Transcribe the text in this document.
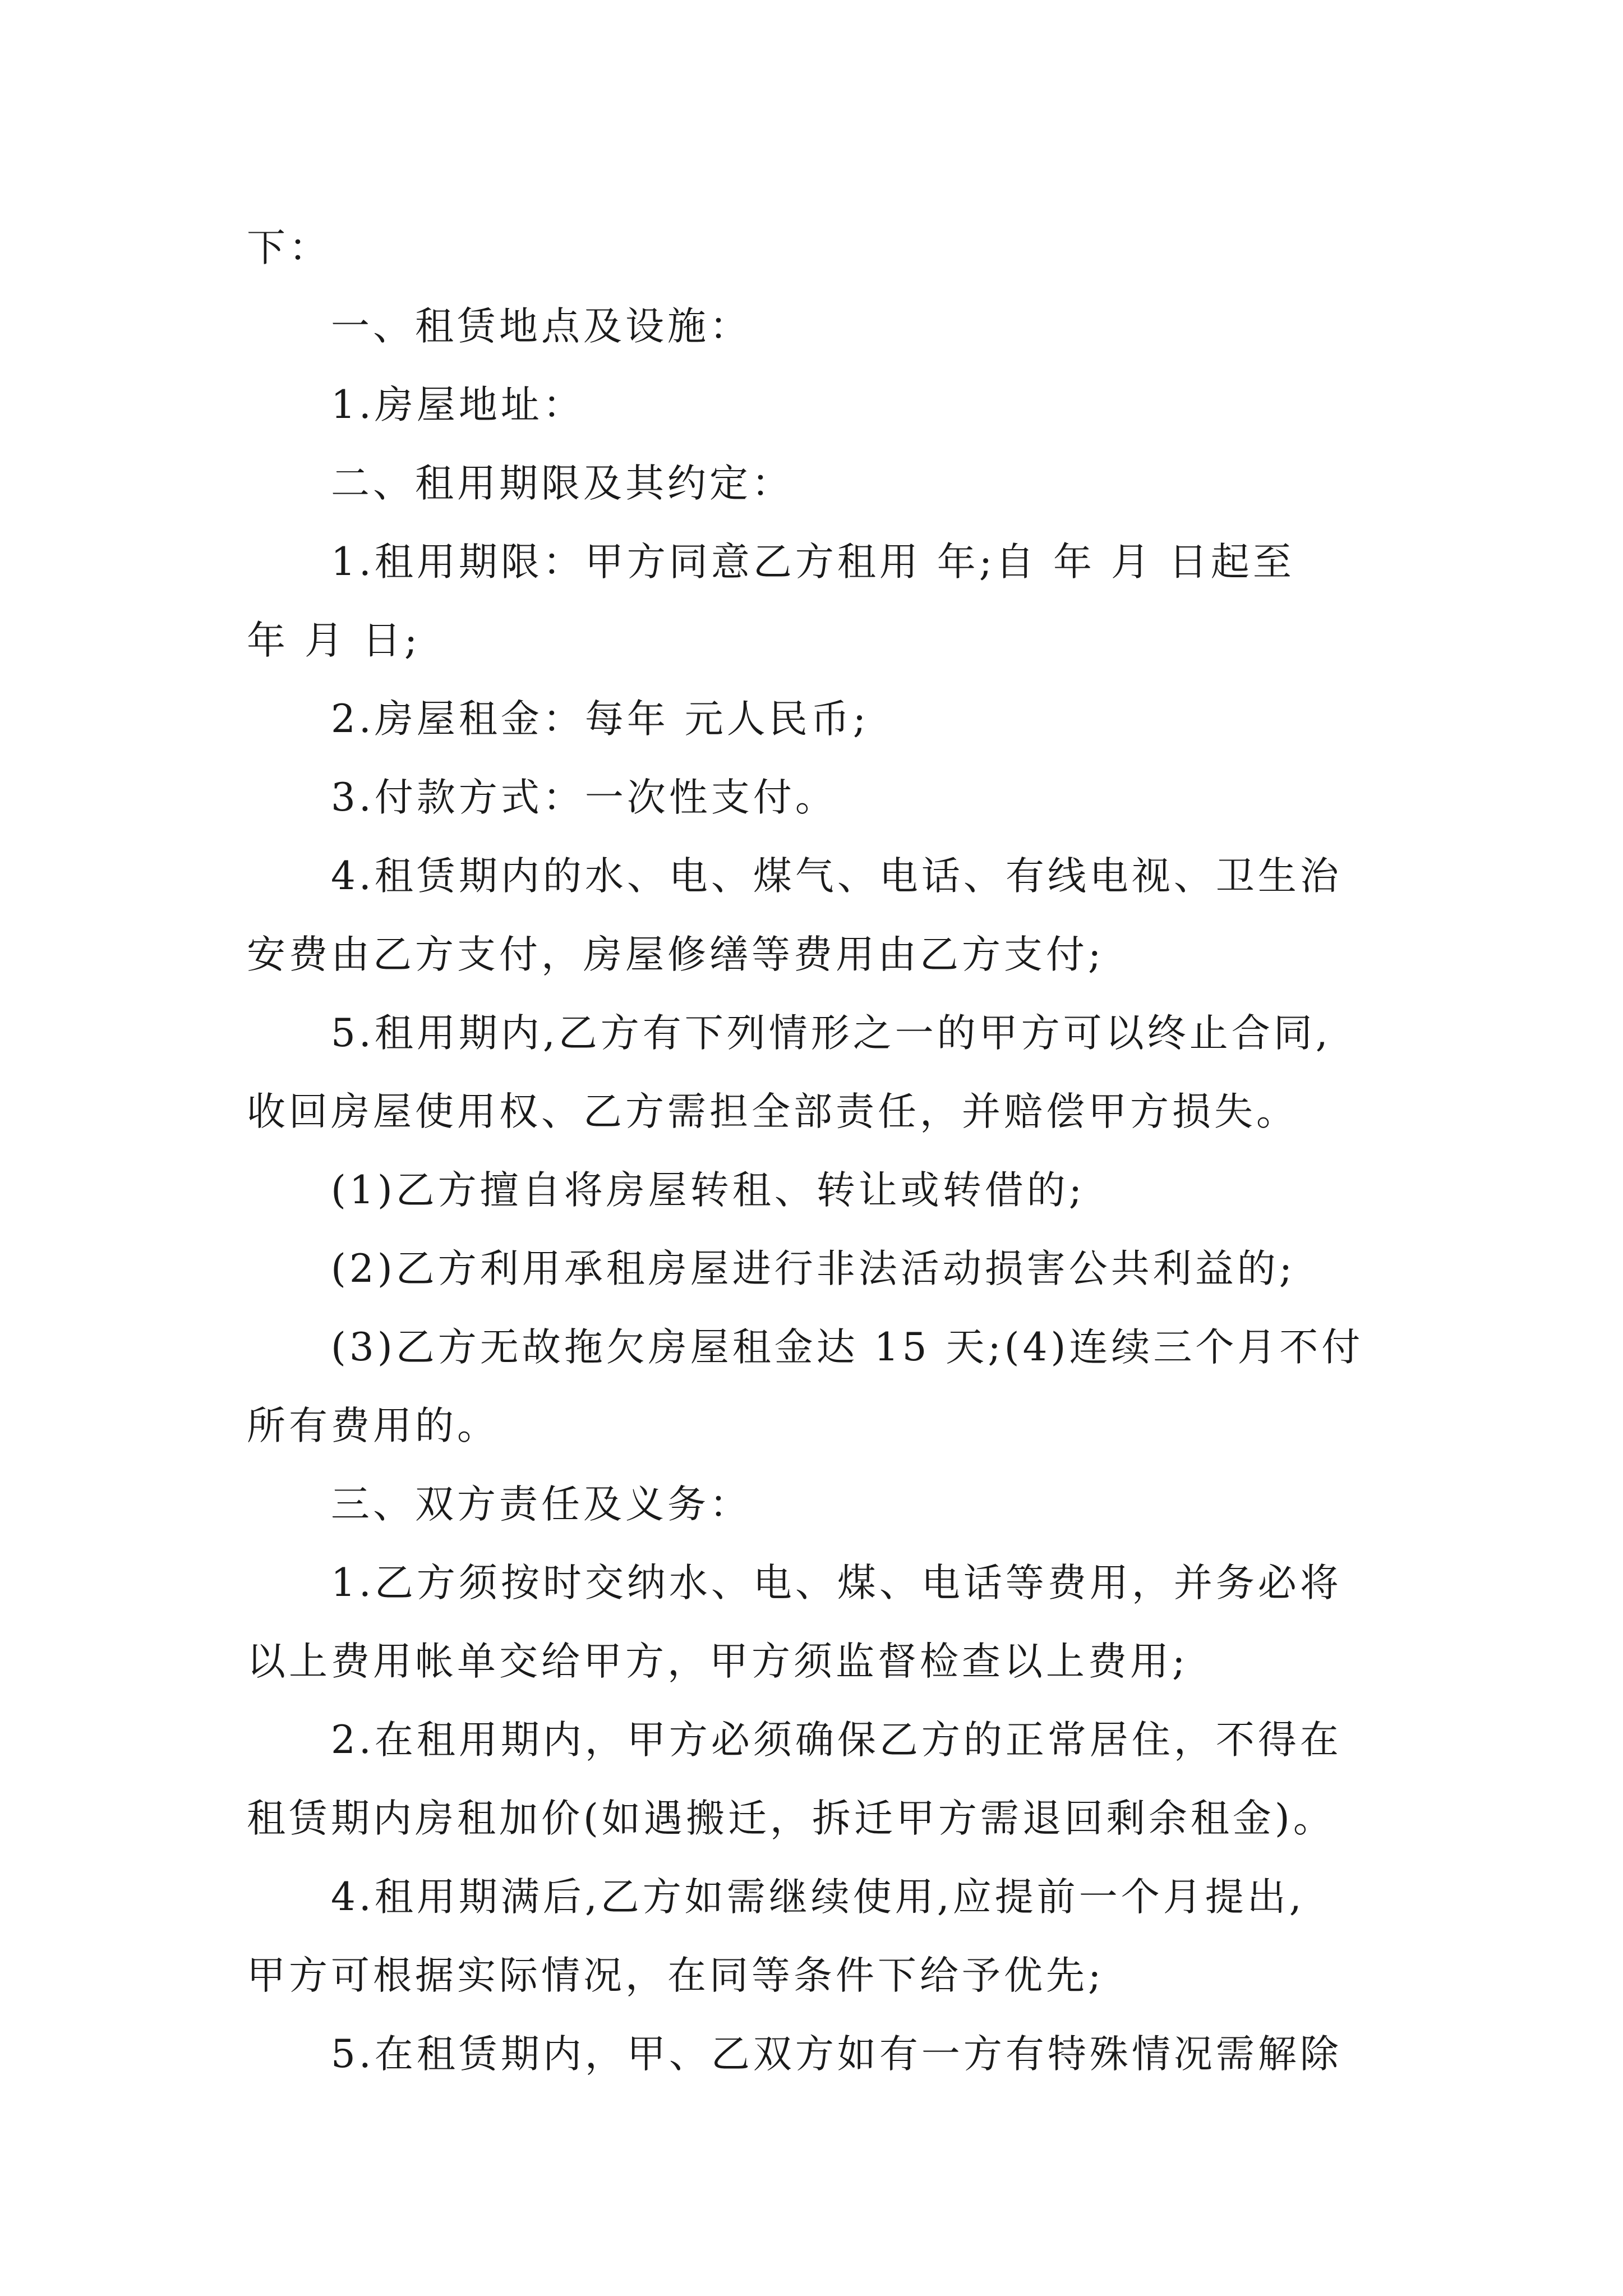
下：
一、租赁地点及设施：
1.房屋地址：
二、租用期限及其约定：
1.租用期限：甲方同意乙方租用 年;自 年 月 日起至
年 月 日;
2.房屋租金：每年 元人民币;
3.付款方式：一次性支付。
4.租赁期内的水、电、煤气、电话、有线电视、卫生治
安费由乙方支付，房屋修缮等费用由乙方支付;
5.租用期内,乙方有下列情形之一的甲方可以终止合同,
收回房屋使用权、乙方需担全部责任，并赔偿甲方损失。
(1)乙方擅自将房屋转租、转让或转借的;
(2)乙方利用承租房屋进行非法活动损害公共利益的;
(3)乙方无故拖欠房屋租金达 15 天;(4)连续三个月不付
所有费用的。
三、双方责任及义务：
1.乙方须按时交纳水、电、煤、电话等费用，并务必将
以上费用帐单交给甲方，甲方须监督检查以上费用;
2.在租用期内，甲方必须确保乙方的正常居住，不得在
租赁期内房租加价(如遇搬迁，拆迁甲方需退回剩余租金)。
4.租用期满后,乙方如需继续使用,应提前一个月提出,
甲方可根据实际情况，在同等条件下给予优先;
5.在租赁期内，甲、乙双方如有一方有特殊情况需解除
